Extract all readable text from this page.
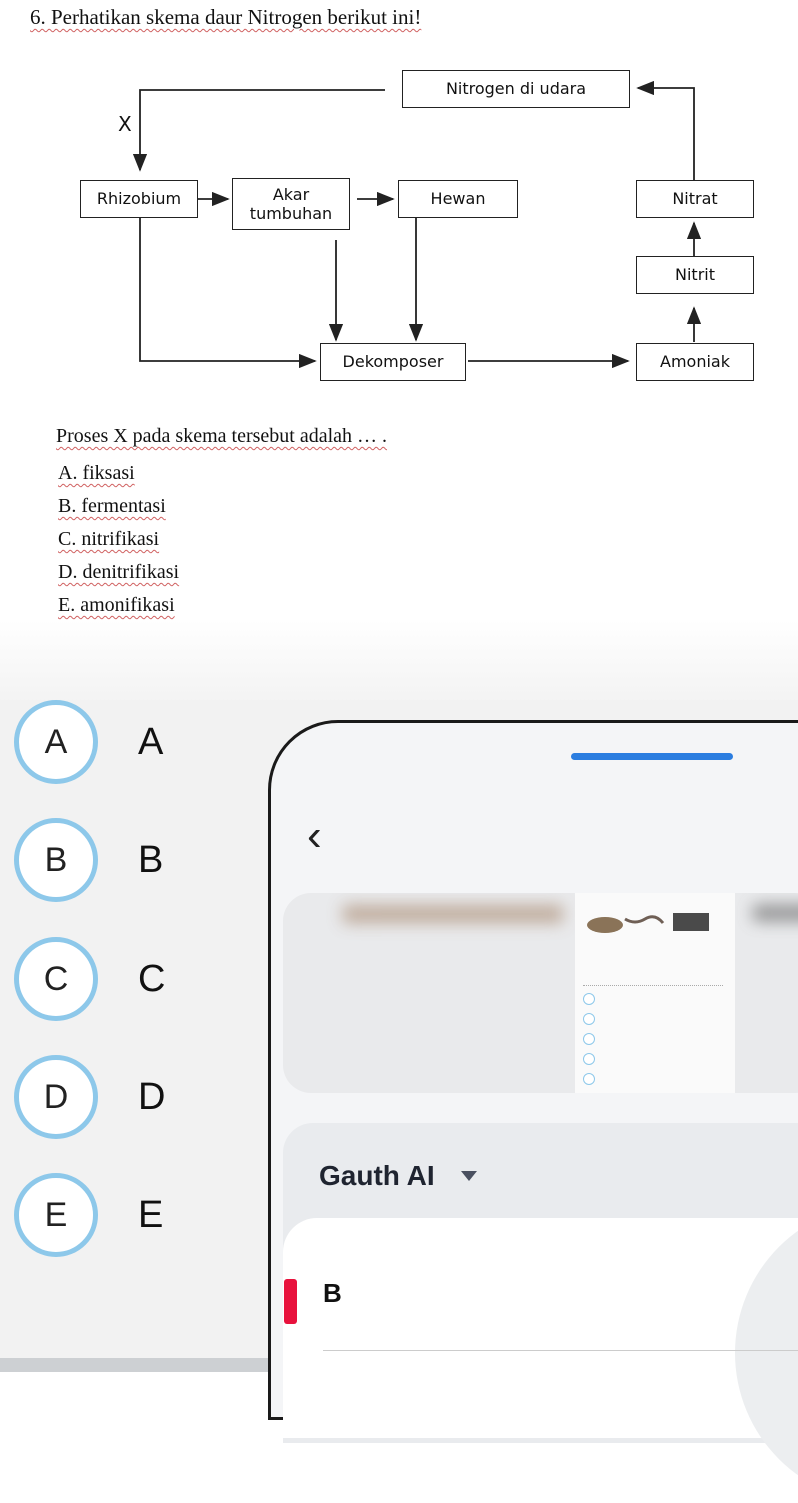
6. Perhatikan skema daur Nitrogen berikut ini!
Nitrogen di udara
X
Rhizobium	Akar tumbuhan
Hewan	Nitrat
Nitrit
Dekomposer	Amoniak
Proses X pada skema tersebut adalah … .
A. fiksasi
B. fermentasi
C. nitrifikasi
D. denitrifikasi
E. amonifikasi
A	A
B	B
C	C
D	D
E	E
‹
Gauth AI
B
